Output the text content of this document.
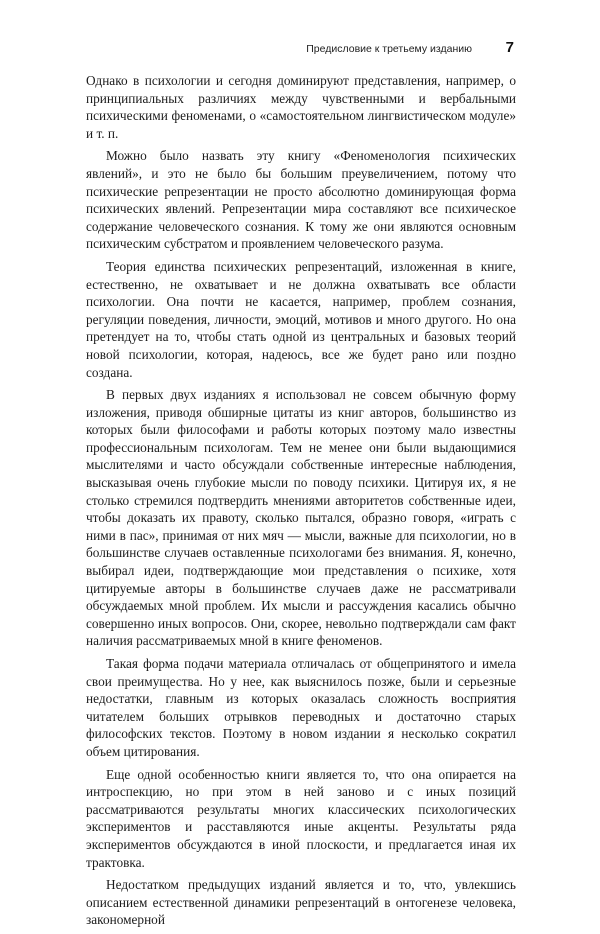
Предисловие к третьему изданию 7

Однако в психологии и сегодня доминируют представления, например, о принципиальных различиях между чувственными и вербальными психическими феноменами, о «самостоятельном лингвистическом модуле» и т. п.

Можно было назвать эту книгу «Феноменология психических явлений», и это не было бы большим преувеличением, потому что психические репрезентации не просто абсолютно доминирующая форма психических явлений. Репрезентации мира составляют все психическое содержание человеческого сознания. К тому же они являются основным психическим субстратом и проявлением человеческого разума.

Теория единства психических репрезентаций, изложенная в книге, естественно, не охватывает и не должна охватывать все области психологии. Она почти не касается, например, проблем сознания, регуляции поведения, личности, эмоций, мотивов и много другого. Но она претендует на то, чтобы стать одной из центральных и базовых теорий новой психологии, которая, надеюсь, все же будет рано или поздно создана.

В первых двух изданиях я использовал не совсем обычную форму изложения, приводя обширные цитаты из книг авторов, большинство из которых были философами и работы которых поэтому мало известны профессиональным психологам. Тем не менее они были выдающимися мыслителями и часто обсуждали собственные интересные наблюдения, высказывая очень глубокие мысли по поводу психики. Цитируя их, я не столько стремился подтвердить мнениями авторитетов собственные идеи, чтобы доказать их правоту, сколько пытался, образно говоря, «играть с ними в пас», принимая от них мяч — мысли, важные для психологии, но в большинстве случаев оставленные психологами без внимания. Я, конечно, выбирал идеи, подтверждающие мои представления о психике, хотя цитируемые авторы в большинстве случаев даже не рассматривали обсуждаемых мной проблем. Их мысли и рассуждения касались обычно совершенно иных вопросов. Они, скорее, невольно подтверждали сам факт наличия рассматриваемых мной в книге феноменов.

Такая форма подачи материала отличалась от общепринятого и имела свои преимущества. Но у нее, как выяснилось позже, были и серьезные недостатки, главным из которых оказалась сложность восприятия читателем больших отрывков переводных и достаточно старых философских текстов. Поэтому в новом издании я несколько сократил объем цитирования.

Еще одной особенностью книги является то, что она опирается на интроспекцию, но при этом в ней заново и с иных позиций рассматриваются результаты многих классических психологических экспериментов и расставляются иные акценты. Результаты ряда экспериментов обсуждаются в иной плоскости, и предлагается иная их трактовка.

Недостатком предыдущих изданий является и то, что, увлекшись описанием естественной динамики репрезентаций в онтогенезе человека, закономерной
